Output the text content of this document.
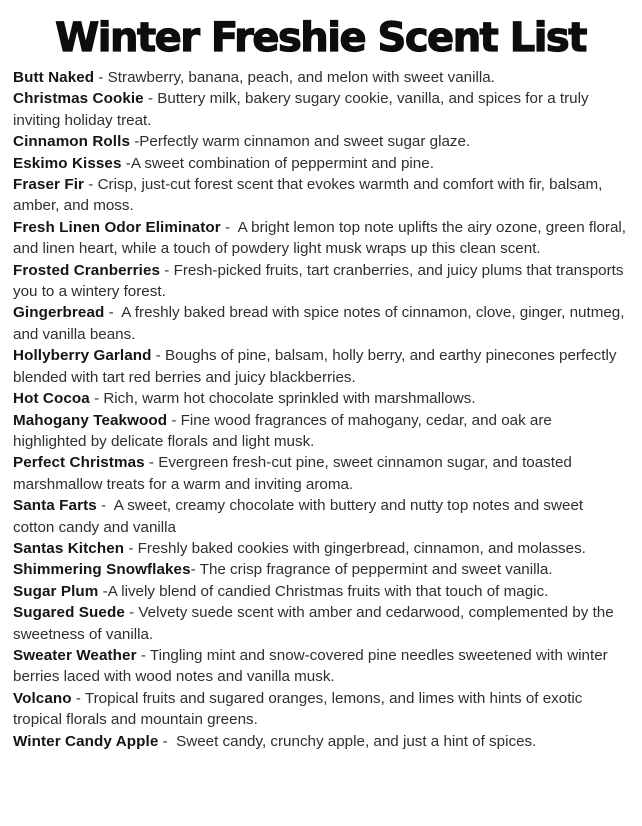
Winter Freshie Scent List

Butt Naked - Strawberry, banana, peach, and melon with sweet vanilla.

Christmas Cookie - Buttery milk, bakery sugary cookie, vanilla, and spices for a truly inviting holiday treat.

Cinnamon Rolls -Perfectly warm cinnamon and sweet sugar glaze.

Eskimo Kisses -A sweet combination of peppermint and pine.

Fraser Fir - Crisp, just-cut forest scent that evokes warmth and comfort with fir, balsam, amber, and moss.

Fresh Linen Odor Eliminator -  A bright lemon top note uplifts the airy ozone, green floral, and linen heart, while a touch of powdery light musk wraps up this clean scent.

Frosted Cranberries - Fresh-picked fruits, tart cranberries, and juicy plums that transports you to a wintery forest.

Gingerbread -  A freshly baked bread with spice notes of cinnamon, clove, ginger, nutmeg, and vanilla beans.

Hollyberry Garland - Boughs of pine, balsam, holly berry, and earthy pinecones perfectly blended with tart red berries and juicy blackberries.

Hot Cocoa - Rich, warm hot chocolate sprinkled with marshmallows.

Mahogany Teakwood - Fine wood fragrances of mahogany, cedar, and oak are highlighted by delicate florals and light musk.

Perfect Christmas - Evergreen fresh-cut pine, sweet cinnamon sugar, and toasted marshmallow treats for a warm and inviting aroma.

Santa Farts -  A sweet, creamy chocolate with buttery and nutty top notes and sweet cotton candy and vanilla

Santas Kitchen - Freshly baked cookies with gingerbread, cinnamon, and molasses.

Shimmering Snowflakes- The crisp fragrance of peppermint and sweet vanilla.

Sugar Plum -A lively blend of candied Christmas fruits with that touch of magic.

Sugared Suede - Velvety suede scent with amber and cedarwood, complemented by the sweetness of vanilla.

Sweater Weather - Tingling mint and snow-covered pine needles sweetened with winter berries laced with wood notes and vanilla musk.

Volcano - Tropical fruits and sugared oranges, lemons, and limes with hints of exotic tropical florals and mountain greens.

Winter Candy Apple -  Sweet candy, crunchy apple, and just a hint of spices.
